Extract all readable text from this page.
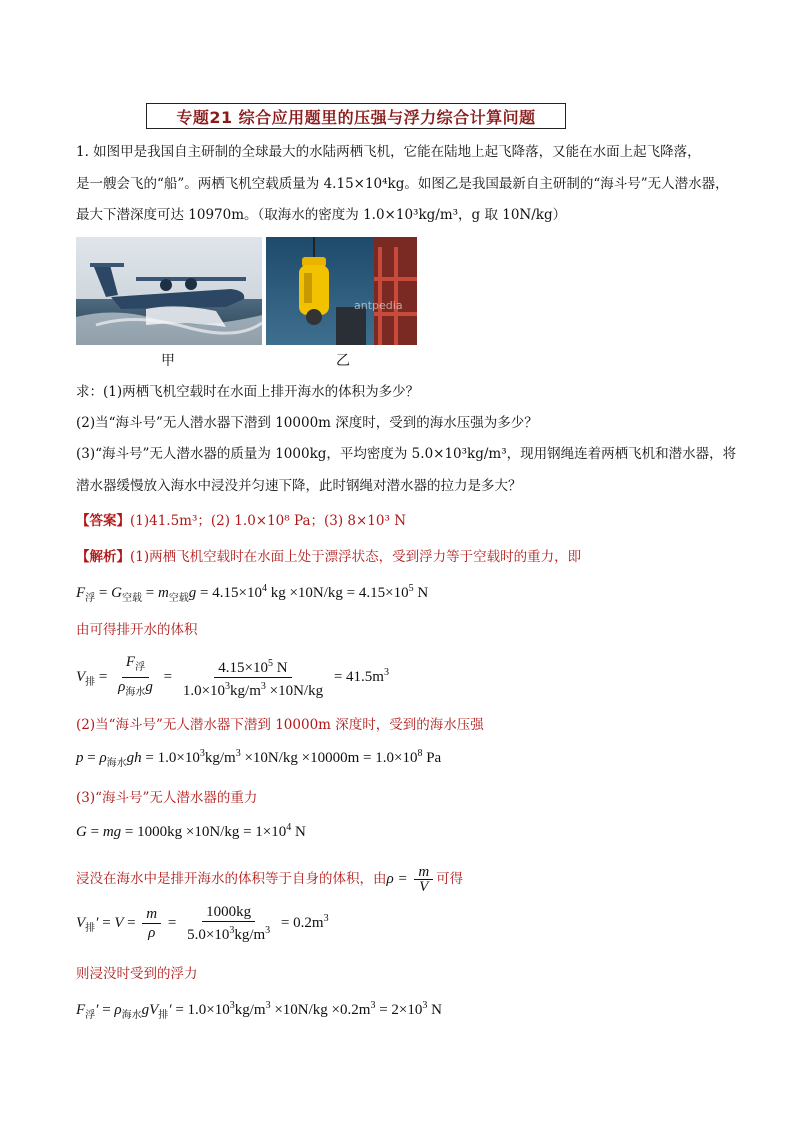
专题21 综合应用题里的压强与浮力综合计算问题
1. 如图甲是我国自主研制的全球最大的水陆两栖飞机，它能在陆地上起飞降落，又能在水面上起飞降落，
是一艘会飞的“船”。两栖飞机空载质量为 4.15×10⁴kg。如图乙是我国最新自主研制的“海斗号”无人潜水器，
最大下潜深度可达 10970m。（取海水的密度为 1.0×10³kg/m³，g 取 10N/kg）
antpedia
甲	乙
求：(1)两栖飞机空载时在水面上排开海水的体积为多少？
(2)当“海斗号”无人潜水器下潜到 10000m 深度时，受到的海水压强为多少？
(3)“海斗号”无人潜水器的质量为 1000kg，平均密度为 5.0×10³kg/m³，现用钢绳连着两栖飞机和潜水器，将
潜水器缓慢放入海水中浸没并匀速下降，此时钢绳对潜水器的拉力是多大？
【答案】(1)41.5m³；(2) 1.0×10⁸ Pa；(3) 8×10³ N
【解析】(1)两栖飞机空载时在水面上处于漂浮状态，受到浮力等于空载时的重力，即
$F_浮 = G_{空载} = m_{空载}g = 4.15\times 10^4$ kg $\times 10N/kg = 4.15\times 10^5$ N
由可得排开水的体积
$V_排 = \frac{F_浮}{\rho_{海水}g} = \frac{4.15\times 10^5 N}{1.0\times 10^3kg/m^3 \times 10N/kg} = 41.5m^3$
(2)当“海斗号”无人潜水器下潜到 10000m 深度时，受到的海水压强
$p = \rho_{海水}gh = 1.0\times 10^3kg/m^3 \times 10N/kg \times 10000m = 1.0\times 10^8$ Pa
(3)“海斗号”无人潜水器的重力
G = mg = $1000kg \times 10N/kg = 1\times 10^4$ N
浸没在海水中是排开海水的体积等于自身的体积，由$\rho = \frac{m}{V}$ 可得
$V_排' = V = \frac{m}{\rho} = \frac{1000kg}{5.0\times 10^3kg/m^3} = 0.2m^3$
则浸没时受到的浮力
$F_浮' = \rho_{海水}gV_排' = 1.0\times 10^3kg/m^3 \times 10N/kg \times 0.2m^3 = 2\times 10^3$ N
